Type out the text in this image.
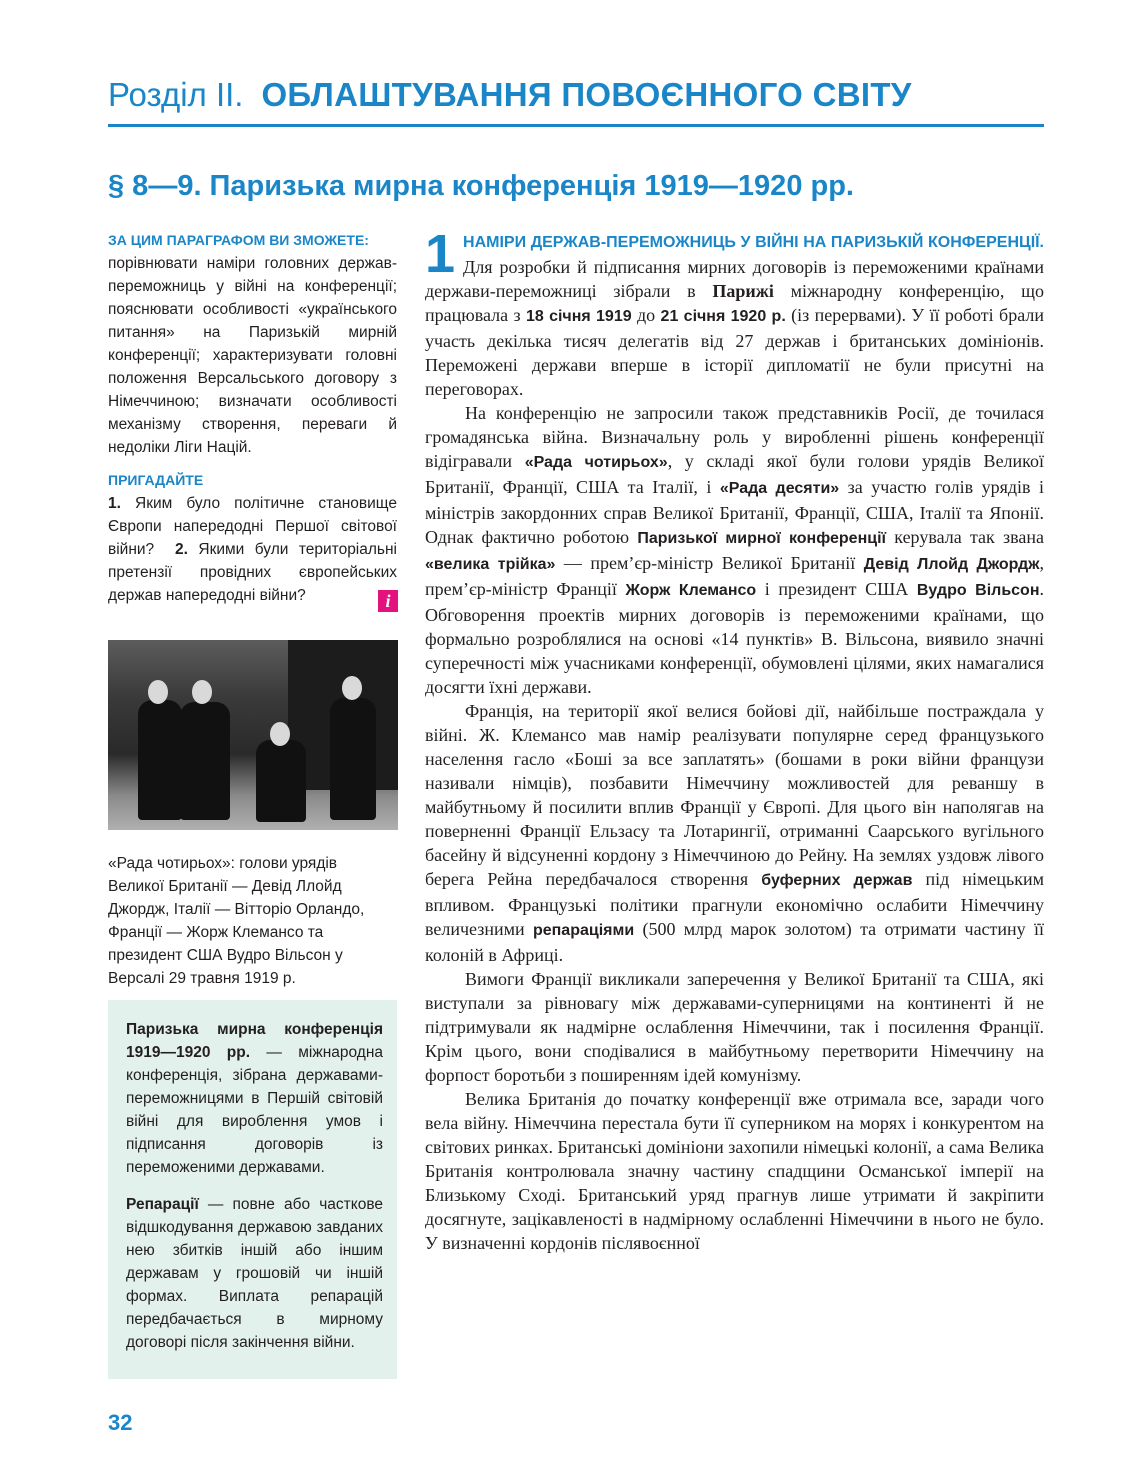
Розділ ІІ. ОБЛАШТУВАННЯ ПОВОЄННОГО СВІТУ
§ 8—9. Паризька мирна конференція 1919—1920 рр.
ЗА ЦИМ ПАРАГРАФОМ ВИ ЗМОЖЕТЕ:
порівнювати наміри головних держав-переможниць у війні на конференції; пояснювати особливості «українського питання» на Паризькій мирній конференції; характеризувати головні положення Версальського договору з Німеччиною; визначати особливості механізму створення, переваги й недоліки Ліги Націй.
ПРИГАДАЙТЕ
1. Яким було політичне становище Європи напередодні Першої світової війни? 2. Якими були територіальні претензії провідних європейських держав напередодні війни?	i
«Рада чотирьох»: голови урядів Великої Британії — Девід Ллойд Джордж, Італії — Вітторіо Орландо, Франції — Жорж Клемансо та президент США Вудро Вільсон у Версалі 29 травня 1919 р.

Паризька мирна конференція 1919—1920 рр. — міжнародна конференція, зібрана державами-переможницями в Першій світовій війні для вироблення умов і підписання договорів із переможеними державами.

Репарації — повне або часткове відшкодування державою завданих нею збитків іншій або іншим державам у грошовій чи іншій формах. Виплата репарацій передбачається в мирному договорі після закінчення війни.

1 НАМІРИ ДЕРЖАВ-ПЕРЕМОЖНИЦЬ У ВІЙНІ НА ПАРИЗЬКІЙ КОНФЕРЕНЦІЇ. Для розробки й підписання мирних договорів із переможеними країнами держави-переможниці зібрали в Парижі міжнародну конференцію, що працювала з 18 січня 1919 до 21 січня 1920 р. (із перервами). У її роботі брали участь декілька тисяч делегатів від 27 держав і британських домініонів. Переможені держави вперше в історії дипломатії не були присутні на переговорах.

На конференцію не запросили також представників Росії, де точилася громадянська війна. Визначальну роль у виробленні рішень конференції відігравали «Рада чотирьох», у складі якої були голови урядів Великої Британії, Франції, США та Італії, і «Рада десяти» за участю голів урядів і міністрів закордонних справ Великої Британії, Франції, США, Італії та Японії. Однак фактично роботою Паризької мирної конференції керувала так звана «велика трійка» — прем’єр-міністр Великої Британії Девід Ллойд Джордж, прем’єр-міністр Франції Жорж Клемансо і президент США Вудро Вільсон. Обговорення проектів мирних договорів із переможеними країнами, що формально розроблялися на основі «14 пунктів» В. Вільсона, виявило значні суперечності між учасниками конференції, обумовлені цілями, яких намагалися досягти їхні держави.

Франція, на території якої велися бойові дії, найбільше постраждала у війні. Ж. Клемансо мав намір реалізувати популярне серед французького населення гасло «Боші за все заплатять» (бошами в роки війни французи називали німців), позбавити Німеччину можливостей для реваншу в майбутньому й посилити вплив Франції у Європі. Для цього він наполягав на поверненні Франції Ельзасу та Лотарингії, отриманні Саарського вугільного басейну й відсуненні кордону з Німеччиною до Рейну. На землях уздовж лівого берега Рейна передбачалося створення буферних держав під німецьким впливом. Французькі політики прагнули економічно ослабити Німеччину величезними репараціями (500 млрд марок золотом) та отримати частину її колоній в Африці.

Вимоги Франції викликали заперечення у Великої Британії та США, які виступали за рівновагу між державами-суперницями на континенті й не підтримували як надмірне ослаблення Німеччини, так і посилення Франції. Крім цього, вони сподівалися в майбутньому перетворити Німеччину на форпост боротьби з поширенням ідей комунізму.

Велика Британія до початку конференції вже отримала все, заради чого вела війну. Німеччина перестала бути її суперником на морях і конкурентом на світових ринках. Британські домініони захопили німецькі колонії, а сама Велика Британія контролювала значну частину спадщини Османської імперії на Близькому Сході. Британський уряд прагнув лише утримати й закріпити досягнуте, зацікавленості в надмірному ослабленні Німеччини в нього не було. У визначенні кордонів післявоєнної

32
